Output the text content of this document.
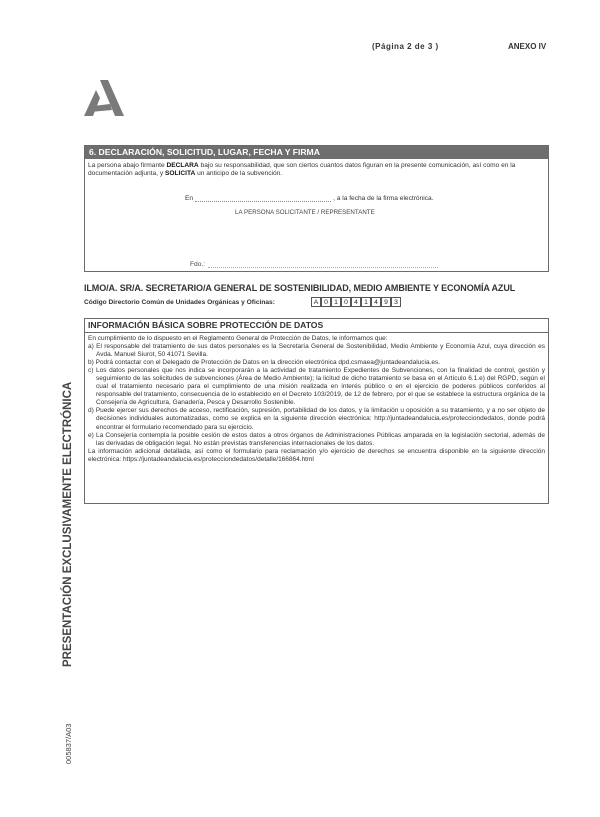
(Página 2 de 3 )	ANEXO IV
6. DECLARACIÓN, SOLICITUD, LUGAR, FECHA Y FIRMA
La persona abajo firmante DECLARA bajo su responsabilidad, que son ciertos cuantos datos figuran en la presente comunicación, así como en la documentación adjunta, y SOLICITA un anticipo de la subvención.
En	, a la fecha de la firma electrónica.
LA PERSONA SOLICITANTE / REPRESENTANTE
Fdo.:
ILMO/A. SR/A. SECRETARIO/A GENERAL DE SOSTENIBILIDAD, MEDIO AMBIENTE Y ECONOMÍA AZUL
Código Directorio Común de Unidades Orgánicas y Oficinas:	A 0 1 0 4 1 4 9 3
INFORMACIÓN BÁSICA SOBRE PROTECCIÓN DE DATOS

En cumplimiento de lo dispuesto en el Reglamento General de Protección de Datos, le informamos que:

a) El responsable del tratamiento de sus datos personales es la Secretaría General de Sostenibilidad, Medio Ambiente y Economía Azul, cuya dirección es Avda. Manuel Siurot, 50 41071 Sevilla.

b) Podrá contactar con el Delegado de Protección de Datos en la dirección electrónica dpd.csmaea@juntadeandalucia.es.

c) Los datos personales que nos indica se incorporarán a la actividad de tratamiento Expedientes de Subvenciones, con la finalidad de control, gestión y seguimiento de las solicitudes de subvenciones (Área de Medio Ambiente); la licitud de dicho tratamiento se basa en el Artículo 6.1.e) del RGPD, según el cual el tratamiento necesario para el cumplimiento de una misión realizada en interés público o en el ejercicio de poderes públicos conferidos al responsable del tratamiento, consecuencia de lo establecido en el Decreto 103/2019, de 12 de febrero, por el que se establece la estructura orgánica de la Consejería de Agricultura, Ganadería, Pesca y Desarrollo Sostenible.

d) Puede ejercer sus derechos de acceso, rectificación, supresión, portabilidad de los datos, y la limitación u oposición a su tratamiento, y a no ser objeto de decisiones individuales automatizadas, como se explica en la siguiente dirección electrónica: http://juntadeandalucia.es/protecciondedatos, donde podrá encontrar el formulario recomendado para su ejercicio.

e) La Consejería contempla la posible cesión de estos datos a otros órganos de Administraciones Públicas amparada en la legislación sectorial, además de las derivadas de obligación legal. No están previstas transferencias internacionales de los datos.

La información adicional detallada, así como el formulario para reclamación y/o ejercicio de derechos se encuentra disponible en la siguiente dirección electrónica: https://juntadeandalucia.es/protecciondedatos/detalle/166864.html

PRESENTACIÓN EXCLUSIVAMENTE ELECTRÓNICA
005837/A03
